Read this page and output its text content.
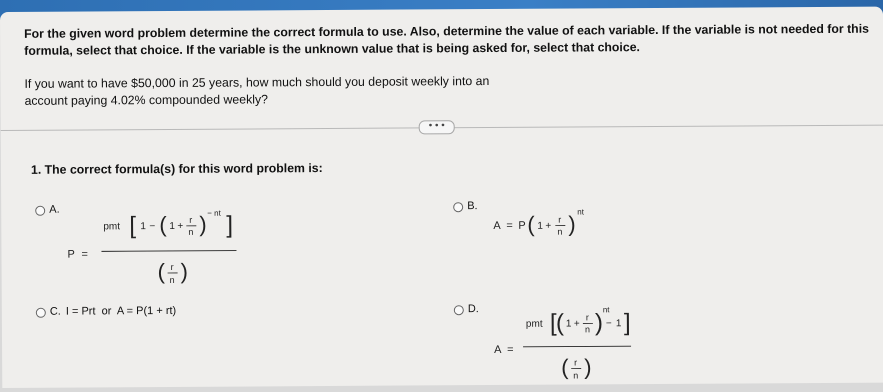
For the given word problem determine the correct formula to use. Also, determine the value of each variable. If the variable is not needed for this formula, select that choice. If the variable is the unknown value that is being asked for, select that choice.
If you want to have $50,000 in 25 years, how much should you deposit weekly into an account paying 4.02% compounded weekly?
• • •
1. The correct formula(s) for this word problem is:
A.
P =
pmt [ 1 − ( 1 +
r
n ) − nt ]
( r
n )
B.
A = P ( 1 +
r
n ) nt
C. I = Prt  or  A = P(1 + rt)	D.
A =
pmt [ ( 1 +
r
n ) nt
− 1 ]
( r
n )
